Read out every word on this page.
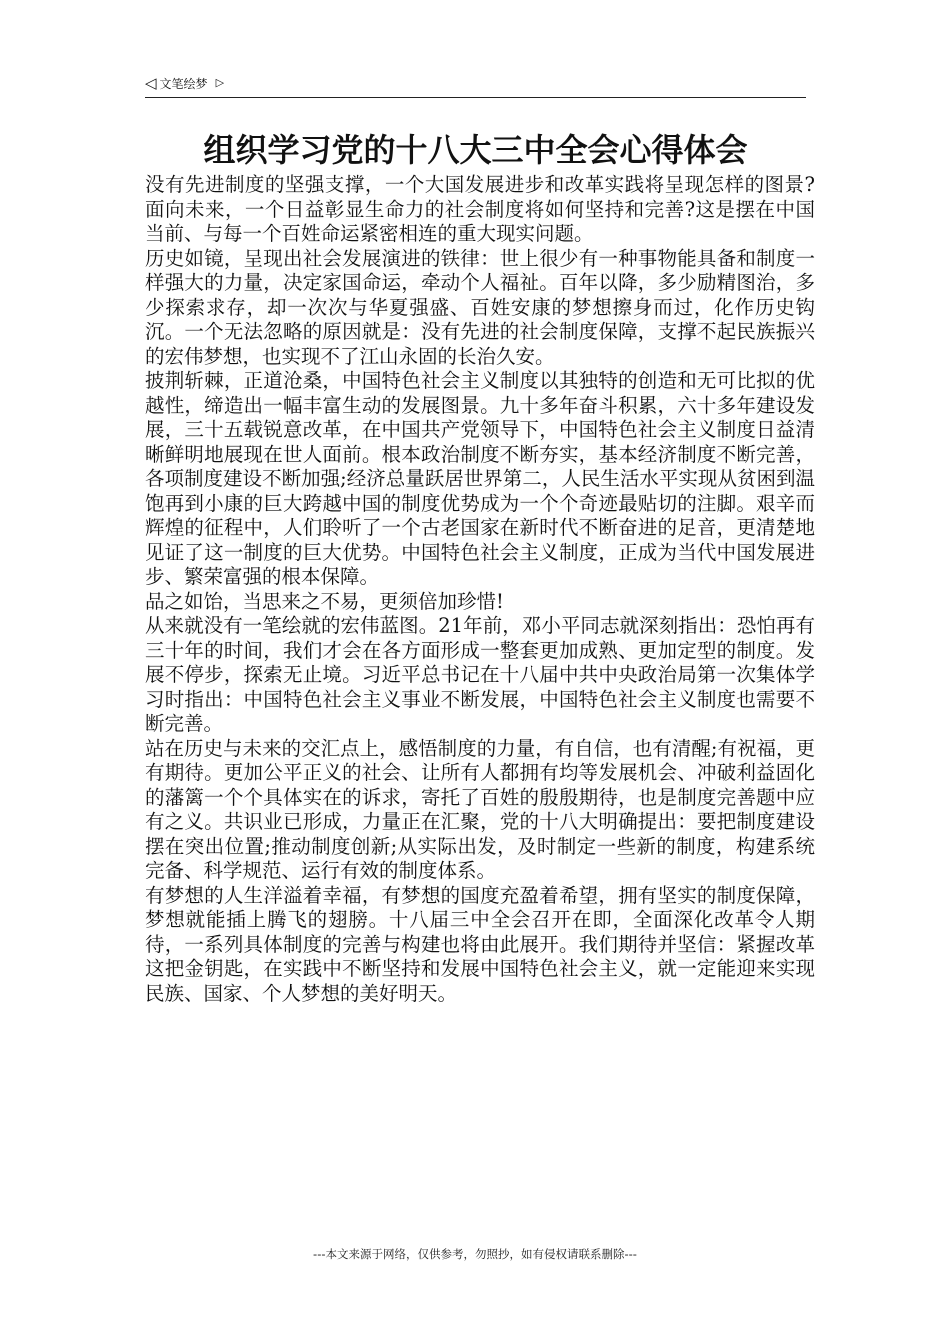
◁ 文笔绘梦 ▷
组织学习党的十八大三中全会心得体会

没有先进制度的坚强支撑，一个大国发展进步和改革实践将呈现怎样的图景?面向未来，一个日益彰显生命力的社会制度将如何坚持和完善?这是摆在中国当前、与每一个百姓命运紧密相连的重大现实问题。

历史如镜，呈现出社会发展演进的铁律：世上很少有一种事物能具备和制度一样强大的力量，决定家国命运，牵动个人福祉。百年以降，多少励精图治，多少探索求存，却一次次与华夏强盛、百姓安康的梦想擦身而过，化作历史钩沉。一个无法忽略的原因就是：没有先进的社会制度保障，支撑不起民族振兴的宏伟梦想，也实现不了江山永固的长治久安。

披荆斩棘，正道沧桑，中国特色社会主义制度以其独特的创造和无可比拟的优越性，缔造出一幅丰富生动的发展图景。九十多年奋斗积累，六十多年建设发展，三十五载锐意改革，在中国共产党领导下，中国特色社会主义制度日益清晰鲜明地展现在世人面前。根本政治制度不断夯实，基本经济制度不断完善，各项制度建设不断加强;经济总量跃居世界第二，人民生活水平实现从贫困到温饱再到小康的巨大跨越中国的制度优势成为一个个奇迹最贴切的注脚。艰辛而辉煌的征程中，人们聆听了一个古老国家在新时代不断奋进的足音，更清楚地见证了这一制度的巨大优势。中国特色社会主义制度，正成为当代中国发展进步、繁荣富强的根本保障。

品之如饴，当思来之不易，更须倍加珍惜!

从来就没有一笔绘就的宏伟蓝图。21年前，邓小平同志就深刻指出：恐怕再有三十年的时间，我们才会在各方面形成一整套更加成熟、更加定型的制度。发展不停步，探索无止境。习近平总书记在十八届中共中央政治局第一次集体学习时指出：中国特色社会主义事业不断发展，中国特色社会主义制度也需要不断完善。

站在历史与未来的交汇点上，感悟制度的力量，有自信，也有清醒;有祝福，更有期待。更加公平正义的社会、让所有人都拥有均等发展机会、冲破利益固化的藩篱一个个具体实在的诉求，寄托了百姓的殷殷期待，也是制度完善题中应有之义。共识业已形成，力量正在汇聚，党的十八大明确提出：要把制度建设摆在突出位置;推动制度创新;从实际出发，及时制定一些新的制度，构建系统完备、科学规范、运行有效的制度体系。

有梦想的人生洋溢着幸福，有梦想的国度充盈着希望，拥有坚实的制度保障，梦想就能插上腾飞的翅膀。十八届三中全会召开在即，全面深化改革令人期待，一系列具体制度的完善与构建也将由此展开。我们期待并坚信：紧握改革这把金钥匙，在实践中不断坚持和发展中国特色社会主义，就一定能迎来实现民族、国家、个人梦想的美好明天。

---本文来源于网络，仅供参考，勿照抄，如有侵权请联系删除---
